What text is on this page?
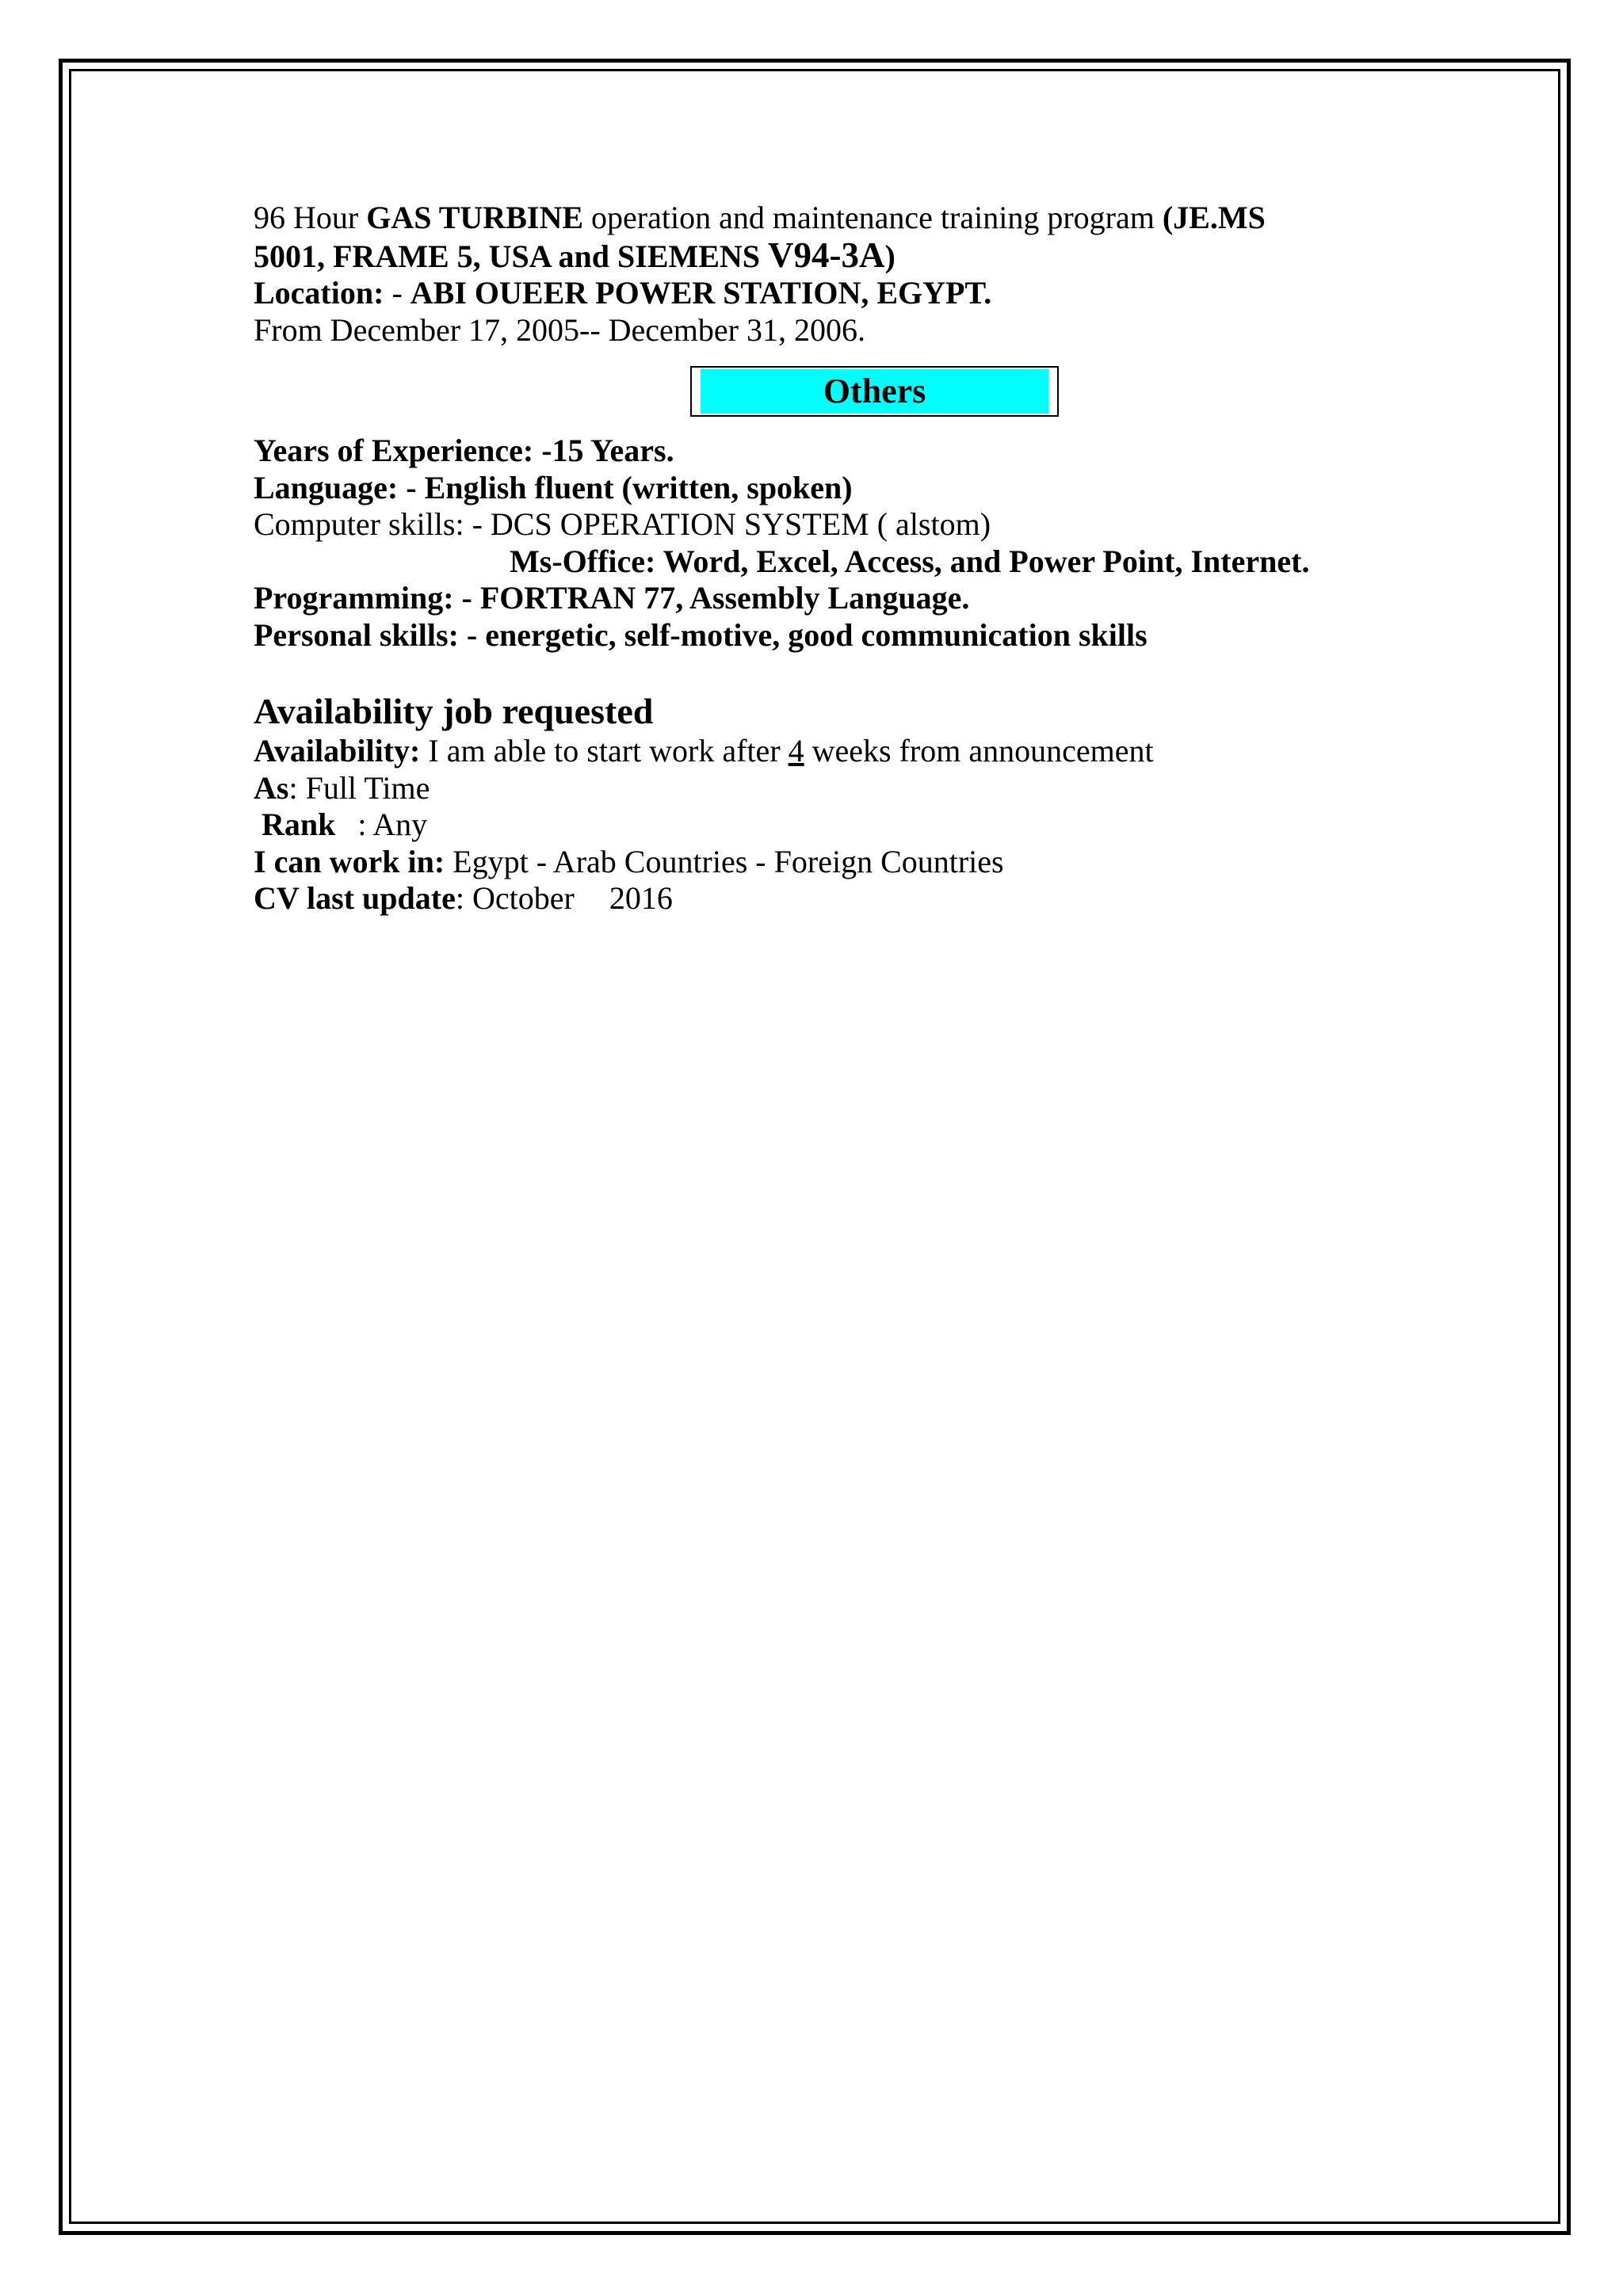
96 Hour GAS TURBINE operation and maintenance training program (JE.MS

5001, FRAME 5, USA and SIEMENS V94-3A)

Location: - ABI OUEER POWER STATION, EGYPT.

From December 17, 2005-- December 31, 2006.

Others

Years of Experience: -15 Years.

Language: - English fluent (written, spoken)

Computer skills: - DCS OPERATION SYSTEM ( alstom)

Ms-Office: Word, Excel, Access, and Power Point, Internet.

Programming: - FORTRAN 77, Assembly Language.

Personal skills: - energetic, self-motive, good communication skills

Availability job requested

Availability: I am able to start work after 4 weeks from announcement

As: Full Time

Rank : Any

I can work in: Egypt - Arab Countries - Foreign Countries

CV last update: October 2016
